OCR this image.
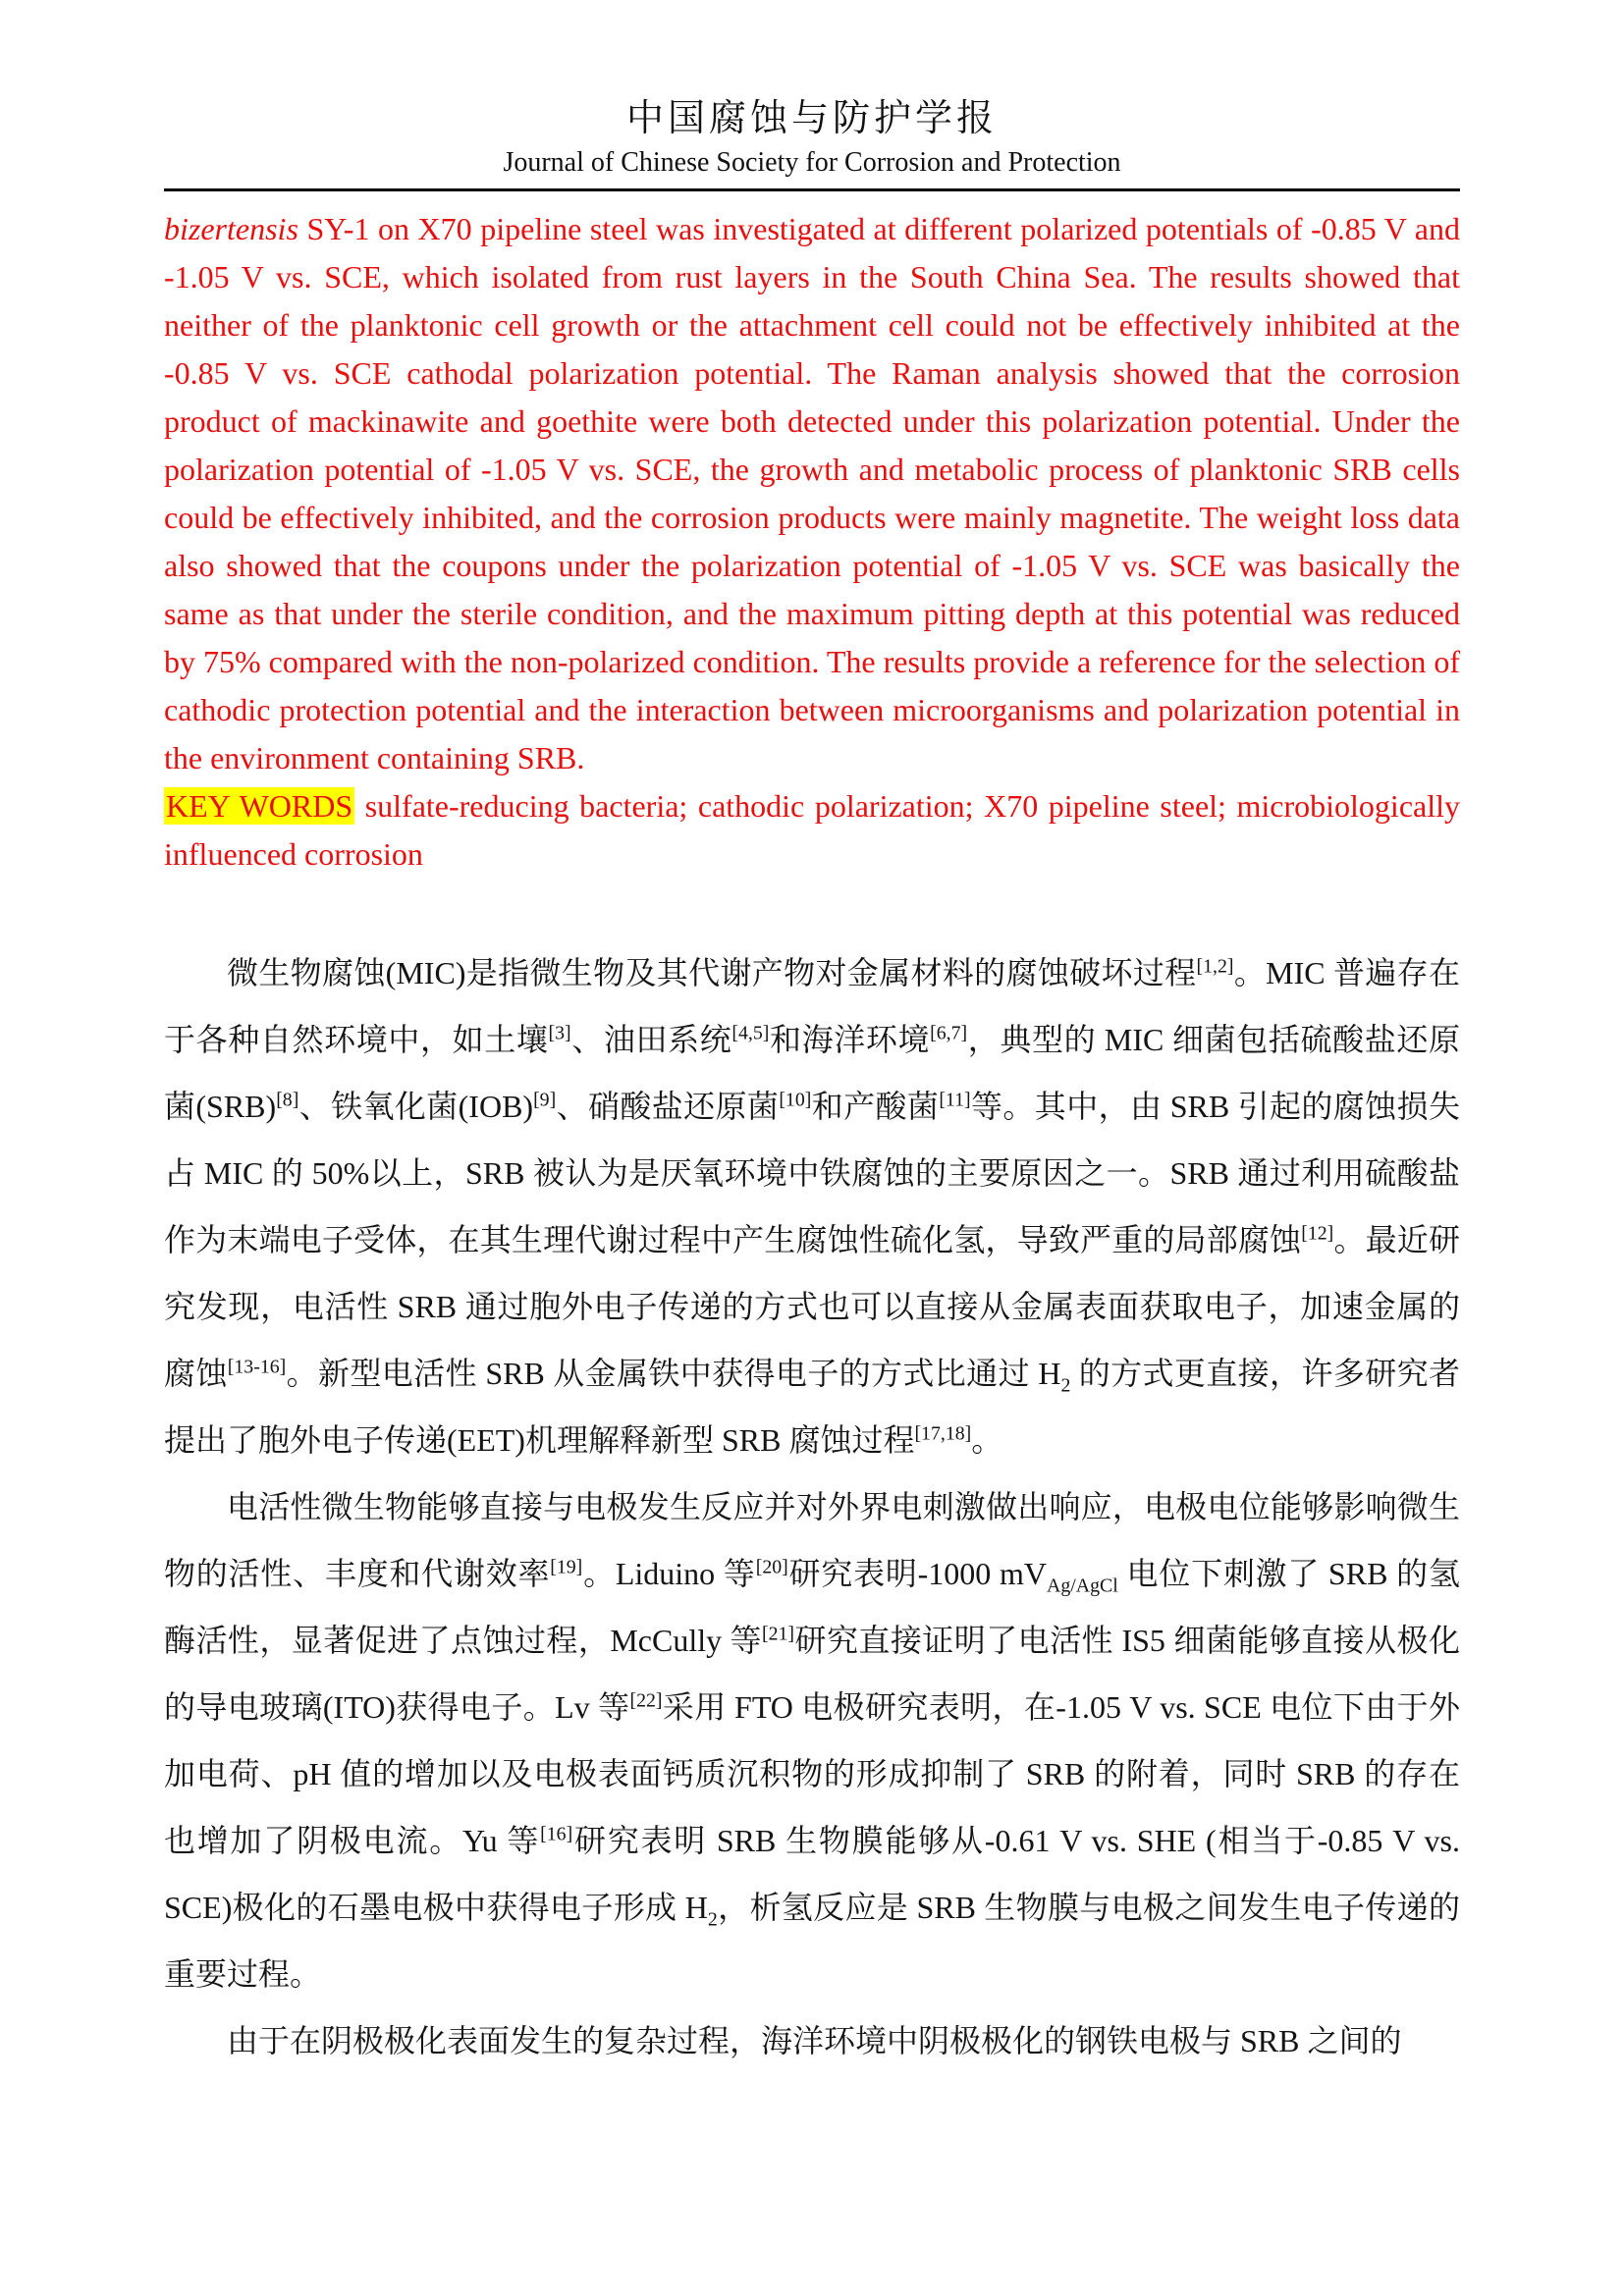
中国腐蚀与防护学报
Journal of Chinese Society for Corrosion and Protection

bizertensis SY-1 on X70 pipeline steel was investigated at different polarized potentials of -0.85 V and -1.05 V vs. SCE, which isolated from rust layers in the South China Sea. The results showed that neither of the planktonic cell growth or the attachment cell could not be effectively inhibited at the -0.85 V vs. SCE cathodal polarization potential. The Raman analysis showed that the corrosion product of mackinawite and goethite were both detected under this polarization potential. Under the polarization potential of -1.05 V vs. SCE, the growth and metabolic process of planktonic SRB cells could be effectively inhibited, and the corrosion products were mainly magnetite. The weight loss data also showed that the coupons under the polarization potential of -1.05 V vs. SCE was basically the same as that under the sterile condition, and the maximum pitting depth at this potential was reduced by 75% compared with the non-polarized condition. The results provide a reference for the selection of cathodic protection potential and the interaction between microorganisms and polarization potential in the environment containing SRB.

KEY WORDS sulfate-reducing bacteria; cathodic polarization; X70 pipeline steel; microbiologically influenced corrosion

微生物腐蚀(MIC)是指微生物及其代谢产物对金属材料的腐蚀破坏过程[1,2]。MIC 普遍存在于各种自然环境中，如土壤[3]、油田系统[4,5]和海洋环境[6,7]，典型的 MIC 细菌包括硫酸盐还原菌(SRB)[8]、铁氧化菌(IOB)[9]、硝酸盐还原菌[10]和产酸菌[11]等。其中，由 SRB 引起的腐蚀损失占 MIC 的 50%以上，SRB 被认为是厌氧环境中铁腐蚀的主要原因之一。SRB 通过利用硫酸盐作为末端电子受体，在其生理代谢过程中产生腐蚀性硫化氢，导致严重的局部腐蚀[12]。最近研究发现，电活性 SRB 通过胞外电子传递的方式也可以直接从金属表面获取电子，加速金属的腐蚀[13-16]。新型电活性 SRB 从金属铁中获得电子的方式比通过 $H_2$ 的方式更直接，许多研究者提出了胞外电子传递(EET)机理解释新型 SRB 腐蚀过程[17,18]。

电活性微生物能够直接与电极发生反应并对外界电刺激做出响应，电极电位能够影响微生物的活性、丰度和代谢效率[19]。Liduino 等[20]研究表明-1000 $mV_{Ag/AgCl}$ 电位下刺激了 SRB 的氢酶活性，显著促进了点蚀过程，McCully 等[21]研究直接证明了电活性 IS5 细菌能够直接从极化的导电玻璃(ITO)获得电子。Lv 等[22]采用 FTO 电极研究表明，在-1.05 V vs. SCE 电位下由于外加电荷、pH 值的增加以及电极表面钙质沉积物的形成抑制了 SRB 的附着，同时 SRB 的存在也增加了阴极电流。Yu 等[16]研究表明 SRB 生物膜能够从-0.61 V vs. SHE (相当于-0.85 V vs. SCE)极化的石墨电极中获得电子形成 $H_2$，析氢反应是 SRB 生物膜与电极之间发生电子传递的重要过程。

由于在阴极极化表面发生的复杂过程，海洋环境中阴极极化的钢铁电极与 SRB 之间的
